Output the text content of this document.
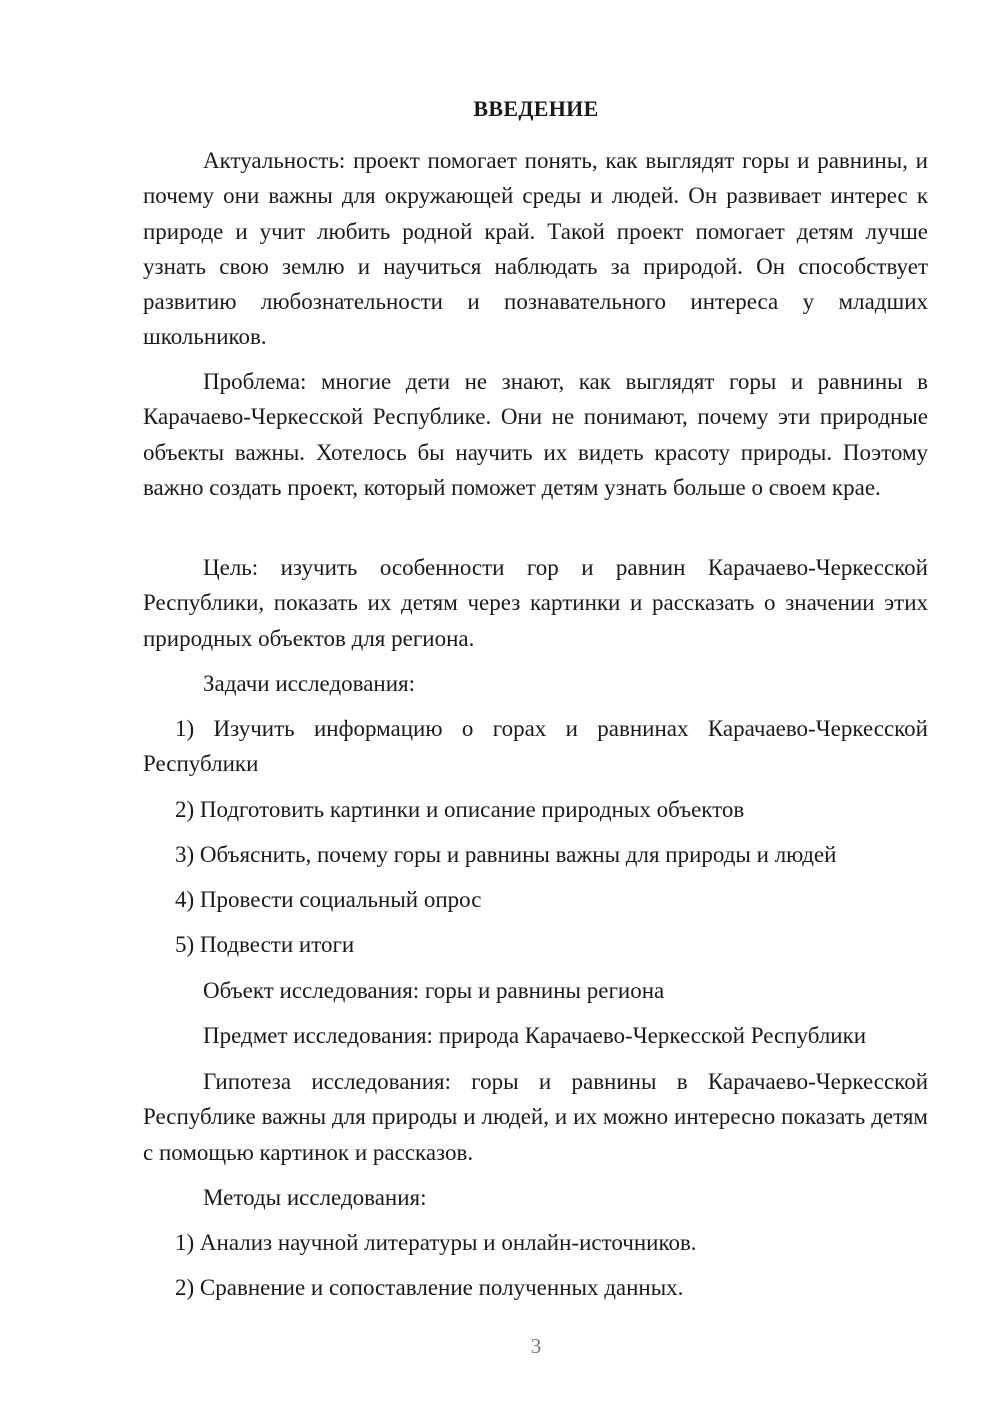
ВВЕДЕНИЕ

Актуальность: проект помогает понять, как выглядят горы и равнины, и почему они важны для окружающей среды и людей. Он развивает интерес к природе и учит любить родной край. Такой проект помогает детям лучше узнать свою землю и научиться наблюдать за природой. Он способствует развитию любознательности и познавательного интереса у младших школьников.

Проблема: многие дети не знают, как выглядят горы и равнины в Карачаево-Черкесской Республике. Они не понимают, почему эти природные объекты важны. Хотелось бы научить их видеть красоту природы. Поэтому важно создать проект, который поможет детям узнать больше о своем крае.

Цель: изучить особенности гор и равнин Карачаево-Черкесской Республики, показать их детям через картинки и рассказать о значении этих природных объектов для региона.

Задачи исследования:

1) Изучить информацию о горах и равнинах Карачаево-Черкесской Республики

2) Подготовить картинки и описание природных объектов

3) Объяснить, почему горы и равнины важны для природы и людей

4) Провести социальный опрос

5) Подвести итоги

Объект исследования: горы и равнины региона

Предмет исследования: природа Карачаево-Черкесской Республики

Гипотеза исследования: горы и равнины в Карачаево-Черкесской Республике важны для природы и людей, и их можно интересно показать детям с помощью картинок и рассказов.

Методы исследования:

1) Анализ научной литературы и онлайн-источников.

2) Сравнение и сопоставление полученных данных.

3
